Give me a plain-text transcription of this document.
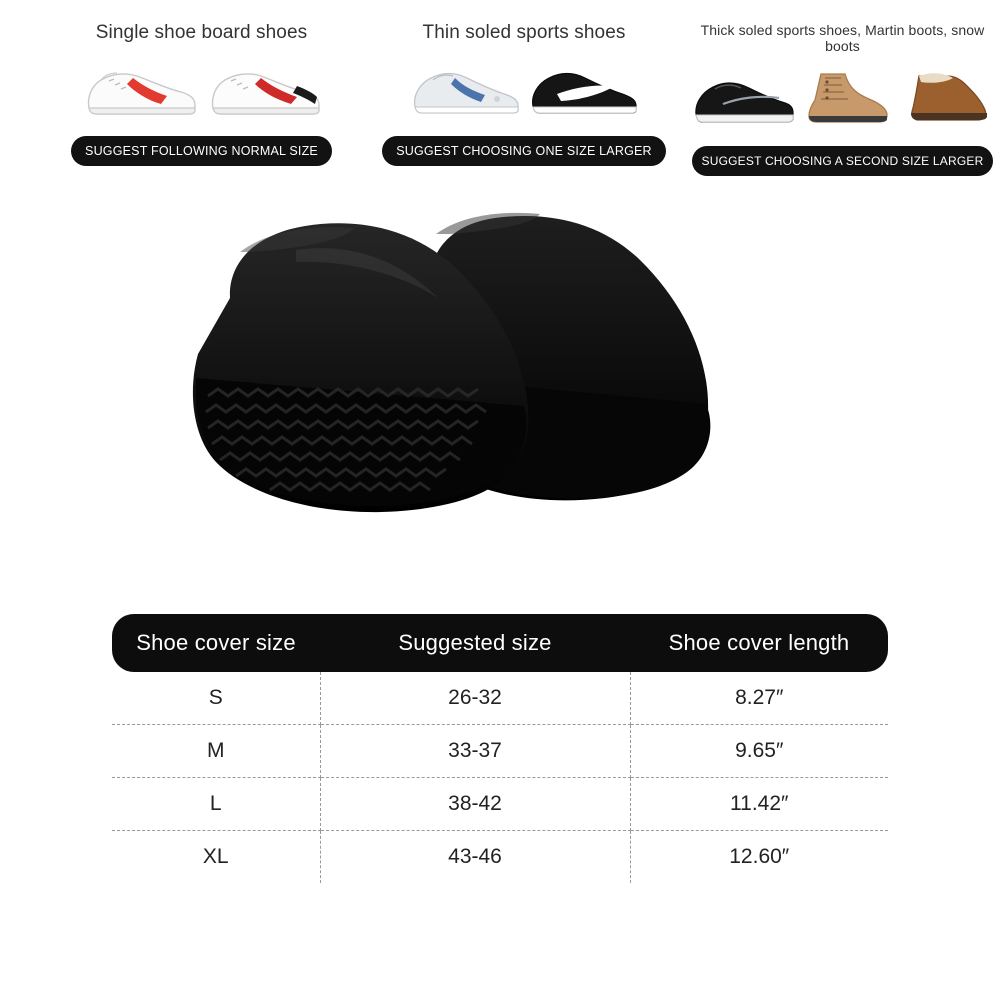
Single shoe board shoes
SUGGEST FOLLOWING NORMAL SIZE
Thin soled sports shoes
SUGGEST CHOOSING ONE SIZE LARGER
Thick soled sports shoes, Martin boots, snow boots
SUGGEST CHOOSING A SECOND SIZE LARGER
Shoe cover size	Suggested size	Shoe cover length
S	26-32	8.27″
M	33-37	9.65″
L	38-42	11.42″
XL	43-46	12.60″
